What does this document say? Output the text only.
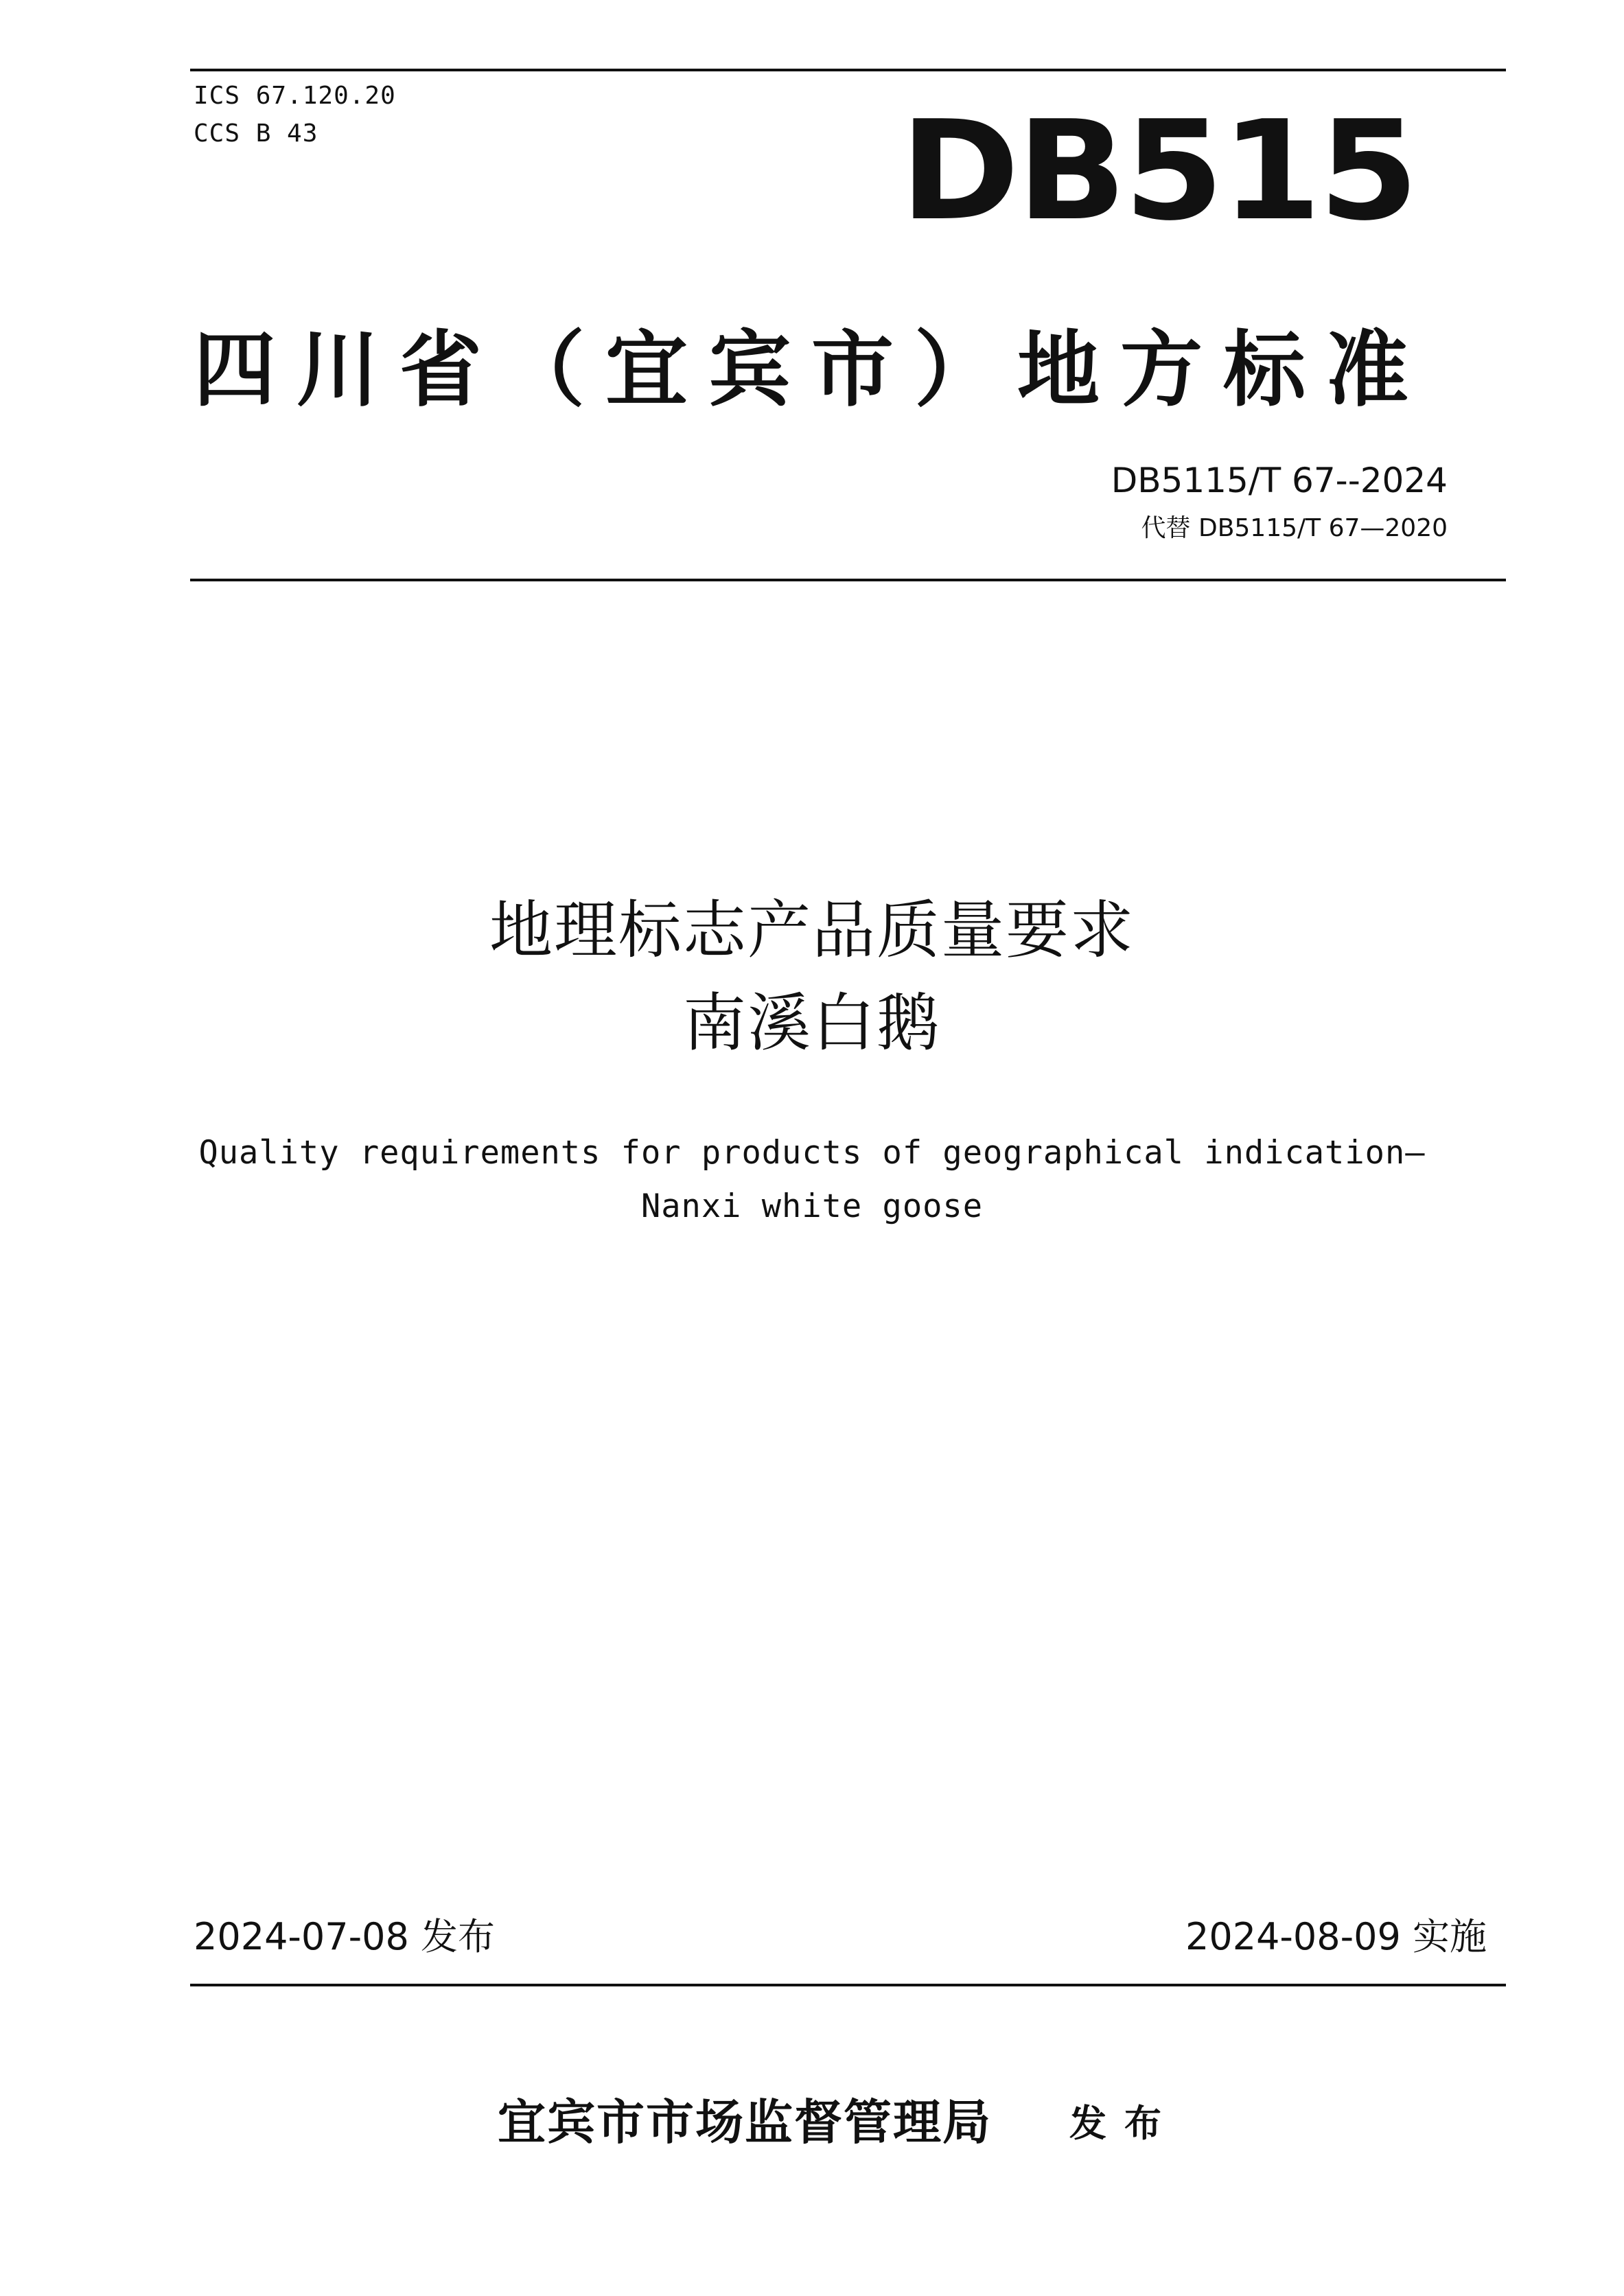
ICS 67.120.20
CCS B 43	DB515
四川省（宜宾市）地方标准
DB5115/T 67--2024
代替 DB5115/T 67—2020
地理标志产品质量要求
南溪白鹅
Quality requirements for products of geographical indication—
Nanxi white goose
2024-07-08 发布	2024-08-09 实施
宜宾市市场监督管理局 发布
